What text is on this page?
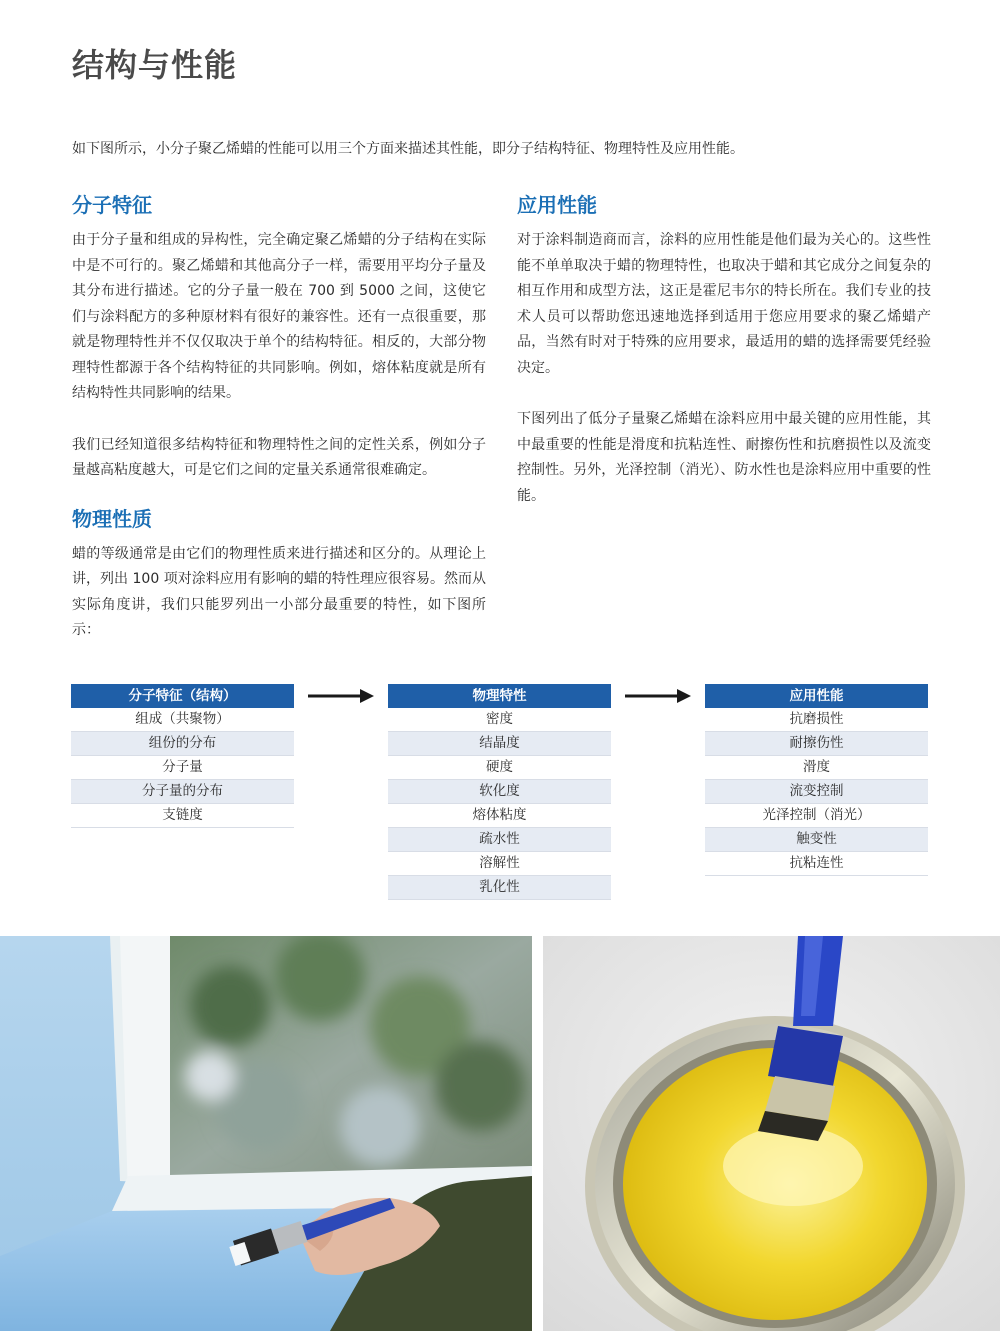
结构与性能
如下图所示，小分子聚乙烯蜡的性能可以用三个方面来描述其性能，即分子结构特征、物理特性及应用性能。
分子特征

由于分子量和组成的异构性，完全确定聚乙烯蜡的分子结构在实际中是不可行的。聚乙烯蜡和其他高分子一样，需要用平均分子量及其分布进行描述。它的分子量一般在 700 到 5000 之间，这使它们与涂料配方的多种原材料有很好的兼容性。还有一点很重要，那就是物理特性并不仅仅取决于单个的结构特征。相反的，大部分物理特性都源于各个结构特征的共同影响。例如，熔体粘度就是所有结构特性共同影响的结果。

我们已经知道很多结构特征和物理特性之间的定性关系，例如分子量越高粘度越大，可是它们之间的定量关系通常很难确定。

物理性质

蜡的等级通常是由它们的物理性质来进行描述和区分的。从理论上讲，列出 100 项对涂料应用有影响的蜡的特性理应很容易。然而从实际角度讲，我们只能罗列出一小部分最重要的特性，如下图所示：

应用性能

对于涂料制造商而言，涂料的应用性能是他们最为关心的。这些性能不单单取决于蜡的物理特性，也取决于蜡和其它成分之间复杂的相互作用和成型方法，这正是霍尼韦尔的特长所在。我们专业的技术人员可以帮助您迅速地选择到适用于您应用要求的聚乙烯蜡产品，当然有时对于特殊的应用要求，最适用的蜡的选择需要凭经验决定。

下图列出了低分子量聚乙烯蜡在涂料应用中最关键的应用性能，其中最重要的性能是滑度和抗粘连性、耐擦伤性和抗磨损性以及流变控制性。另外，光泽控制（消光）、防水性也是涂料应用中重要的性能。

分子特征（结构）
组成（共聚物）
组份的分布
分子量
分子量的分布
支链度
物理特性
密度
结晶度
硬度
软化度
熔体粘度
疏水性
溶解性
乳化性
应用性能
抗磨损性
耐擦伤性
滑度
流变控制
光泽控制（消光）
触变性
抗粘连性
